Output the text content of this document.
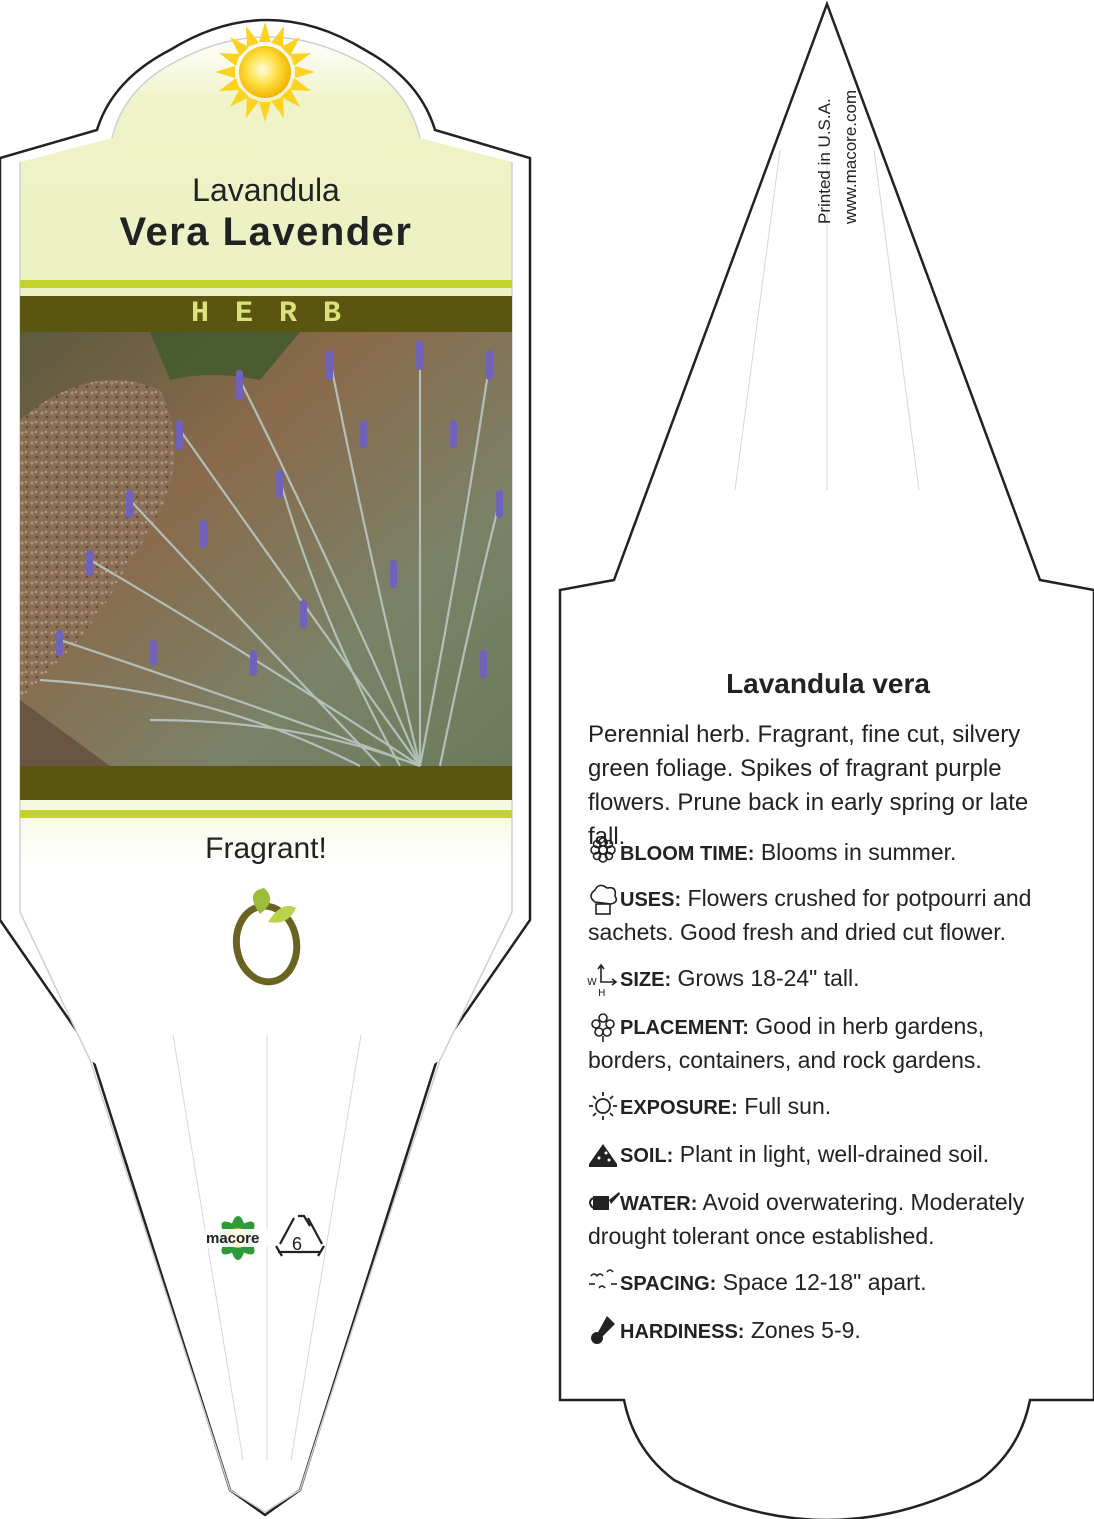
W
H
Lavandula
Vera Lavender
HERB
Fragrant!
macore 6
Printed in U.S.A. www.macore.com
Lavandula vera
Perennial herb. Fragrant, fine cut, silvery green foliage. Spikes of fragrant purple flowers. Prune back in early spring or late fall.
BLOOM TIME: Blooms in summer.
USES: Flowers crushed for potpourri and sachets. Good fresh and dried cut flower.
SIZE: Grows 18-24" tall.
PLACEMENT: Good in herb gardens, borders, containers, and rock gardens.
EXPOSURE: Full sun.
SOIL: Plant in light, well-drained soil.
WATER: Avoid overwatering. Moderately drought tolerant once established.
SPACING: Space 12-18" apart.
HARDINESS: Zones 5-9.
